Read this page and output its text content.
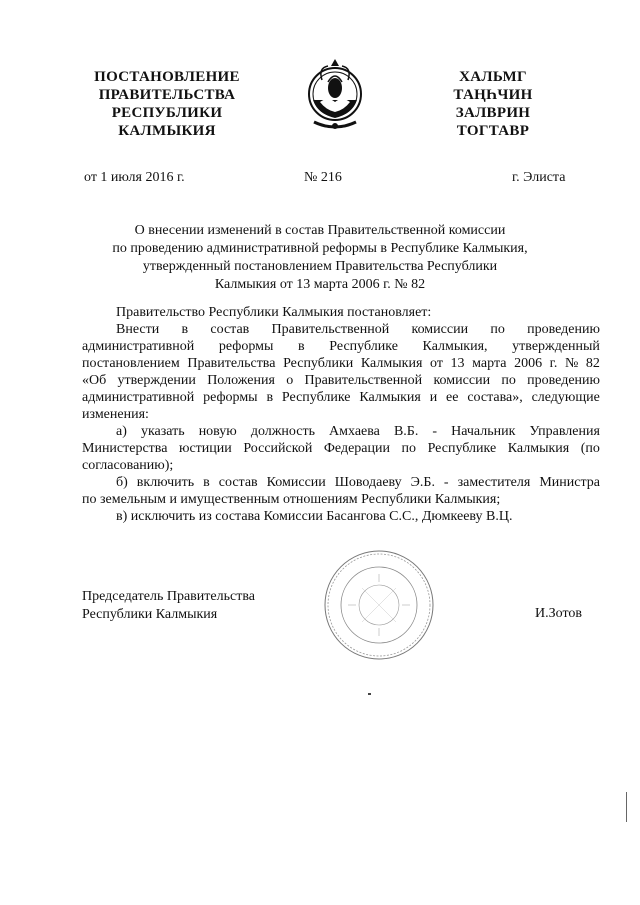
ПОСТАНОВЛЕНИЕ
ПРАВИТЕЛЬСТВА
РЕСПУБЛИКИ
КАЛМЫКИЯ
ХАЛЬМГ
ТАҢҺЧИН
ЗАЛВРИН
ТОГТАВР
от 1 июля 2016 г.	№ 216	г. Элиста
О внесении изменений в состав Правительственной комиссии
по проведению административной реформы в Республике Калмыкия,
утвержденный постановлением Правительства Республики
Калмыкия от 13 марта 2006 г. № 82

Правительство Республики Калмыкия постановляет:

Внести в состав Правительственной комиссии по проведению
административной реформы в Республике Калмыкия, утвержденный
постановлением Правительства Республики Калмыкия от 13 марта 2006 г. № 82
«Об утверждении Положения о Правительственной комиссии по проведению
административной реформы в Республике Калмыкия и ее состава», следующие

изменения:

а) указать новую должность Амхаева В.Б. - Начальник Управления
Министерства юстиции Российской Федерации по Республике Калмыкия (по

согласованию);

б) включить в состав Комиссии Шоводаеву Э.Б. - заместителя Министра

по земельным и имущественным отношениям Республики Калмыкия;

в) исключить из состава Комиссии Басангова С.С., Дюмкееву В.Ц.

Председатель Правительства
Республики Калмыкия	И.Зотов
